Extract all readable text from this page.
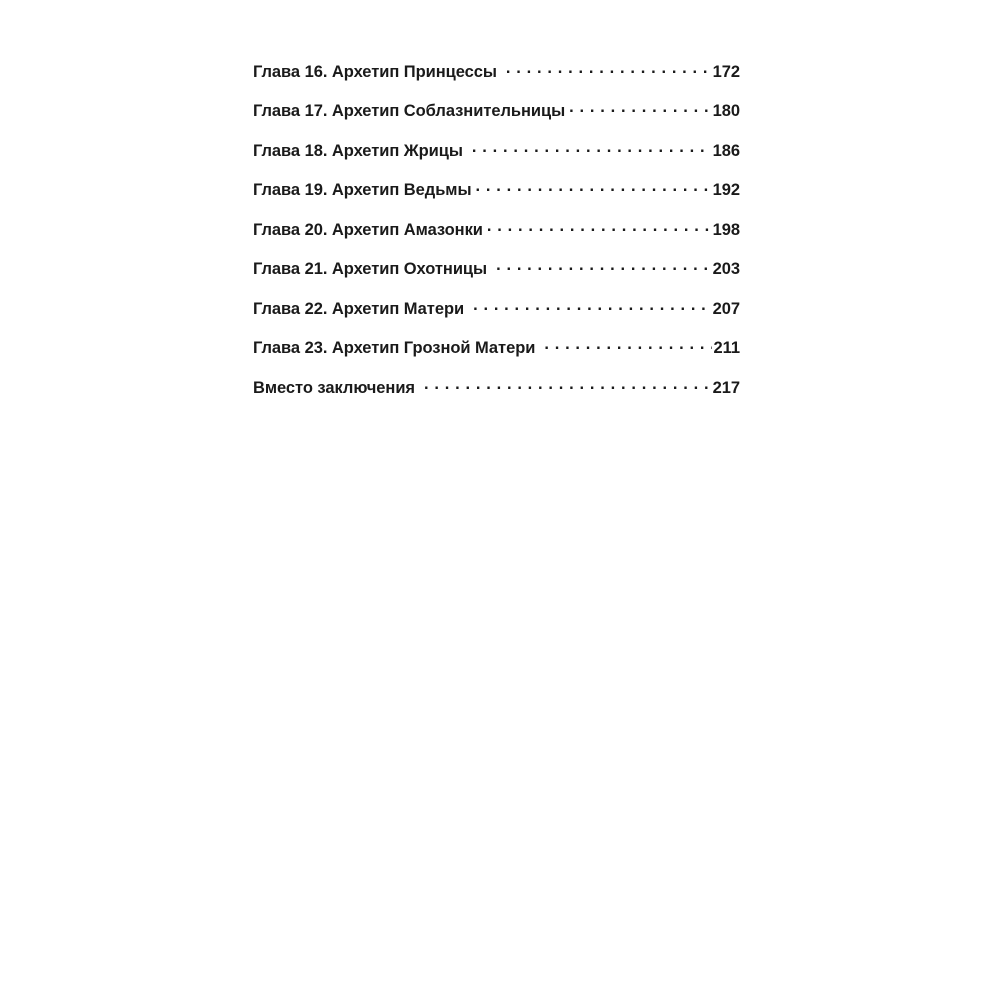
Глава 16. Архетип Принцессы . . .	172
Глава 17. Архетип Соблазнительницы . . .	180
Глава 18. Архетип Жрицы . . .	186
Глава 19. Архетип Ведьмы . . .	192
Глава 20. Архетип Амазонки . . .	198
Глава 21. Архетип Охотницы . . .	203
Глава 22. Архетип Матери . . .	207
Глава 23. Архетип Грозной Матери . . .	211
Вместо заключения . . .	217
